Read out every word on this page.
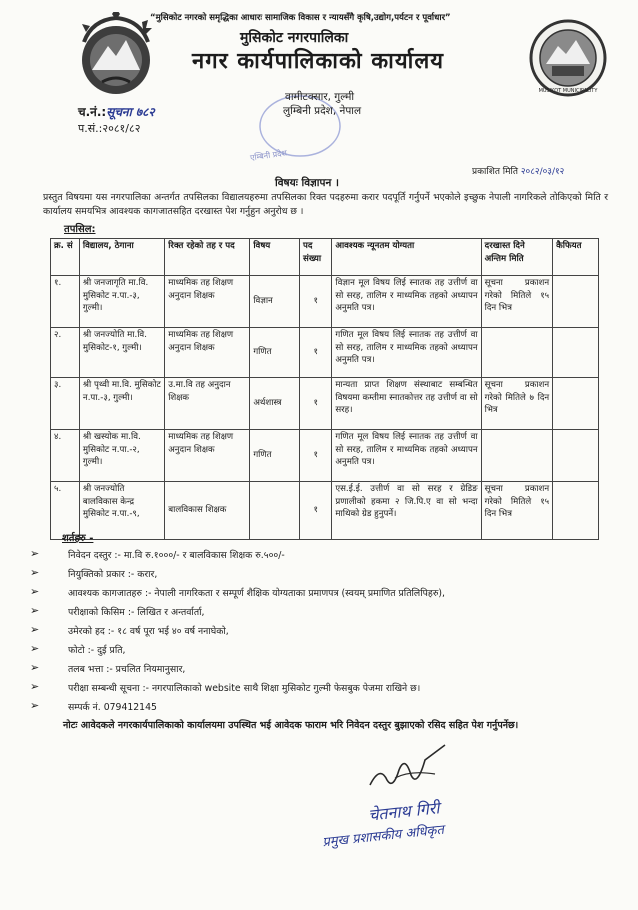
MUSIKOT MUNICIPALITY
“मुसिकोट नगरको समृद्धिका आधारः सामाजिक विकास र न्यायसँगै कृषि,उद्योग,पर्यटन र पूर्वाधार”
मुसिकोट नगरपालिका
नगर कार्यपालिकाको कार्यालय
वामीटक्सार, गुल्मी
लुम्बिनी प्रदेश, नेपाल
एम्बिनी प्रदेश
च.नं.:सूचना ७८२
प.सं.:२०८१/८२
प्रकाशित मिति २०८२/०३/१२
विषयः विज्ञापन ।
प्रस्तुत विषयमा यस नगरपालिका अन्तर्गत तपसिलका विद्यालयहरुमा तपसिलका रिक्त पदहरुमा करार पदपूर्ति गर्नुपर्ने भएकोले इच्छुक नेपाली नागरिकले तोकिएको मिति र कार्यालय समयभित्र आवश्यक कागजातसहित दरखास्त पेश गर्नुहुन अनुरोध छ ।
तपसिल:
क्र. सं	विद्यालय, ठेगाना	रिक्त रहेको तह र पद	विषय	पद संख्या	आवश्यक न्यूनतम योग्यता	दरखास्त दिने अन्तिम मिति	कैफियत
१.	श्री जनजागृति मा.वि. मुसिकोट न.पा.-३, गुल्मी।	माध्यमिक तह शिक्षण अनुदान शिक्षक	विज्ञान	१	विज्ञान मूल विषय लिई स्नातक तह उत्तीर्ण वा सो सरह, तालिम र माध्यमिक तहको अध्यापन अनुमति पत्र।	सूचना प्रकाशन गरेको मितिले १५ दिन भित्र	
२.	श्री जनज्योति मा.वि. मुसिकोट-१, गुल्मी।	माध्यमिक तह शिक्षण अनुदान शिक्षक	गणित	१	गणित मूल विषय लिई स्नातक तह उत्तीर्ण वा सो सरह, तालिम र माध्यमिक तहको अध्यापन अनुमति पत्र।		
३.	श्री पृथ्वी मा.वि. मुसिकोट न.पा.-३, गुल्मी।	उ.मा.वि तह अनुदान शिक्षक	अर्थशास्त्र	१	मान्यता प्राप्त शिक्षण संस्थाबाट सम्बन्धित विषयमा कम्तीमा स्नातकोत्तर तह उत्तीर्ण वा सो सरह।	सूचना प्रकाशन गरेको मितिले ७ दिन भित्र	
४.	श्री खस्योक मा.वि. मुसिकोट न.पा.-२, गुल्मी।	माध्यमिक तह शिक्षण अनुदान शिक्षक	गणित	१	गणित मूल विषय लिई स्नातक तह उत्तीर्ण वा सो सरह, तालिम र माध्यमिक तहको अध्यापन अनुमति पत्र।		
५.	श्री जनज्योति बालविकास केन्द्र मुसिकोट न.पा.-९,	बालविकास शिक्षक		१	एस.ई.ई. उत्तीर्ण वा सो सरह र ग्रेडिङ प्रणालीको हकमा २ जि.पि.ए वा सो भन्दा माथिको ग्रेड हुनुपर्ने।	सूचना प्रकाशन गरेको मितिले १५ दिन भित्र	
शर्तहरु -
➢	निवेदन दस्तुर :- मा.वि रु.१०००/- र बालविकास शिक्षक रु.५००/-
➢	नियुक्तिको प्रकार :- करार,
➢	आवश्यक कागजातहरु :- नेपाली नागरिकता र सम्पूर्ण शैक्षिक योग्यताका प्रमाणपत्र (स्वयम् प्रमाणित प्रतिलिपिहरु),
➢	परीक्षाको किसिम :- लिखित र अन्तर्वार्ता,
➢	उमेरको हद :- १८ वर्ष पूरा भई ४० वर्ष ननाघेको,
➢	फोटो :- दुई प्रति,
➢	तलब भत्ता :- प्रचलित नियमानुसार,
➢	परीक्षा सम्बन्धी सूचना :- नगरपालिकाको website साथै शिक्षा मुसिकोट गुल्मी फेसबुक पेजमा राखिने छ।
➢	सम्पर्क नं. 079412145
नोटः आवेदकले नगरकार्यपालिकाको कार्यालयमा उपस्थित भई आवेदक फाराम भरि निवेदन दस्तुर बुझाएको रसिद सहित पेश गर्नुपर्नेछ।
चेतनाथ गिरी
प्रमुख प्रशासकीय अधिकृत
